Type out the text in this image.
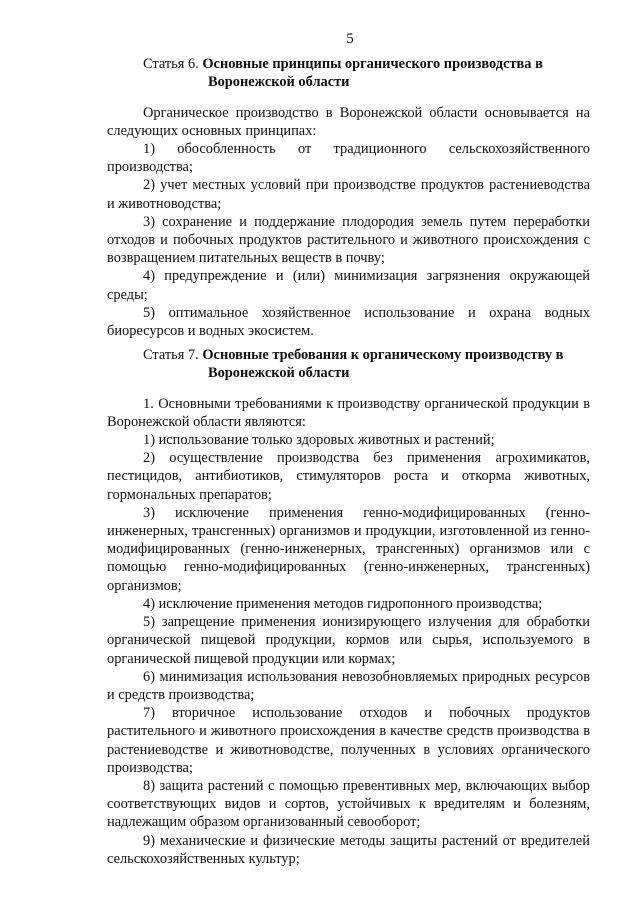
5
Статья 6. Основные принципы органического производства в
Воронежской области

Органическое производство в Воронежской области основывается на следующих основных принципах:

1) обособленность от традиционного сельскохозяйственного производства;

2) учет местных условий при производстве продуктов растениеводства и животноводства;

3) сохранение и поддержание плодородия земель путем переработки отходов и побочных продуктов растительного и животного происхождения с возвращением питательных веществ в почву;

4) предупреждение и (или) минимизация загрязнения окружающей среды;

5) оптимальное хозяйственное использование и охрана водных биоресурсов и водных экосистем.

Статья 7. Основные требования к органическому производству в
Воронежской области

1. Основными требованиями к производству органической продукции в Воронежской области являются:

1) использование только здоровых животных и растений;

2) осуществление производства без применения агрохимикатов, пестицидов, антибиотиков, стимуляторов роста и откорма животных, гормональных препаратов;

3) исключение применения генно-модифицированных (генно-инженерных, трансгенных) организмов и продукции, изготовленной из генно-модифицированных (генно-инженерных, трансгенных) организмов или с помощью генно-модифицированных (генно-инженерных, трансгенных) организмов;

4) исключение применения методов гидропонного производства;

5) запрещение применения ионизирующего излучения для обработки органической пищевой продукции, кормов или сырья, используемого в органической пищевой продукции или кормах;

6) минимизация использования невозобновляемых природных ресурсов и средств производства;

7) вторичное использование отходов и побочных продуктов растительного и животного происхождения в качестве средств производства в растениеводстве и животноводстве, полученных в условиях органического производства;

8) защита растений с помощью превентивных мер, включающих выбор соответствующих видов и сортов, устойчивых к вредителям и болезням, надлежащим образом организованный севооборот;

9) механические и физические методы защиты растений от вредителей сельскохозяйственных культур;
